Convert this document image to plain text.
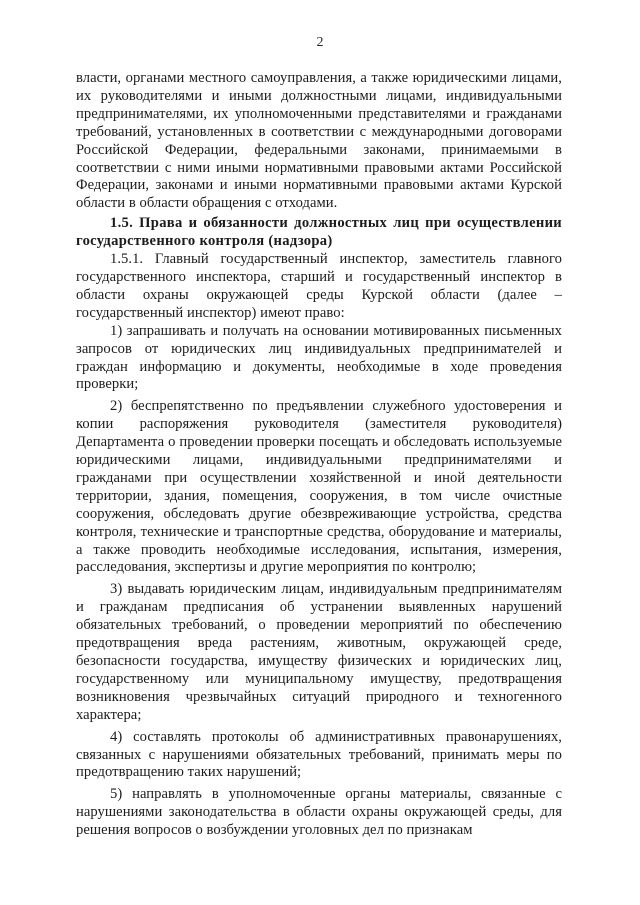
2

власти, органами местного самоуправления, а также юридическими лицами, их руководителями и иными должностными лицами, индивидуальными предпринимателями, их уполномоченными представителями и гражданами требований, установленных в соответствии с международными договорами Российской Федерации, федеральными законами, принимаемыми в соответствии с ними иными нормативными правовыми актами Российской Федерации, законами и иными нормативными правовыми актами Курской области в области обращения с отходами.

1.5. Права и обязанности должностных лиц при осуществлении государственного контроля (надзора)

1.5.1. Главный государственный инспектор, заместитель главного государственного инспектора, старший и государственный инспектор в области охраны окружающей среды Курской области (далее – государственный инспектор) имеют право:

1) запрашивать и получать на основании мотивированных письменных запросов от юридических лиц индивидуальных предпринимателей и граждан информацию и документы, необходимые в ходе проведения проверки;

2) беспрепятственно по предъявлении служебного удостоверения и копии распоряжения руководителя (заместителя руководителя) Департамента о проведении проверки посещать и обследовать используемые юридическими лицами, индивидуальными предпринимателями и гражданами при осуществлении хозяйственной и иной деятельности территории, здания, помещения, сооружения, в том числе очистные сооружения, обследовать другие обезвреживающие устройства, средства контроля, технические и транспортные средства, оборудование и материалы, а также проводить необходимые исследования, испытания, измерения, расследования, экспертизы и другие мероприятия по контролю;

3) выдавать юридическим лицам, индивидуальным предпринимателям и гражданам предписания об устранении выявленных нарушений обязательных требований, о проведении мероприятий по обеспечению предотвращения вреда растениям, животным, окружающей среде, безопасности государства, имуществу физических и юридических лиц, государственному или муниципальному имуществу, предотвращения возникновения чрезвычайных ситуаций природного и техногенного характера;

4) составлять протоколы об административных правонарушениях, связанных с нарушениями обязательных требований, принимать меры по предотвращению таких нарушений;

5) направлять в уполномоченные органы материалы, связанные с нарушениями законодательства в области охраны окружающей среды, для решения вопросов о возбуждении уголовных дел по признакам
